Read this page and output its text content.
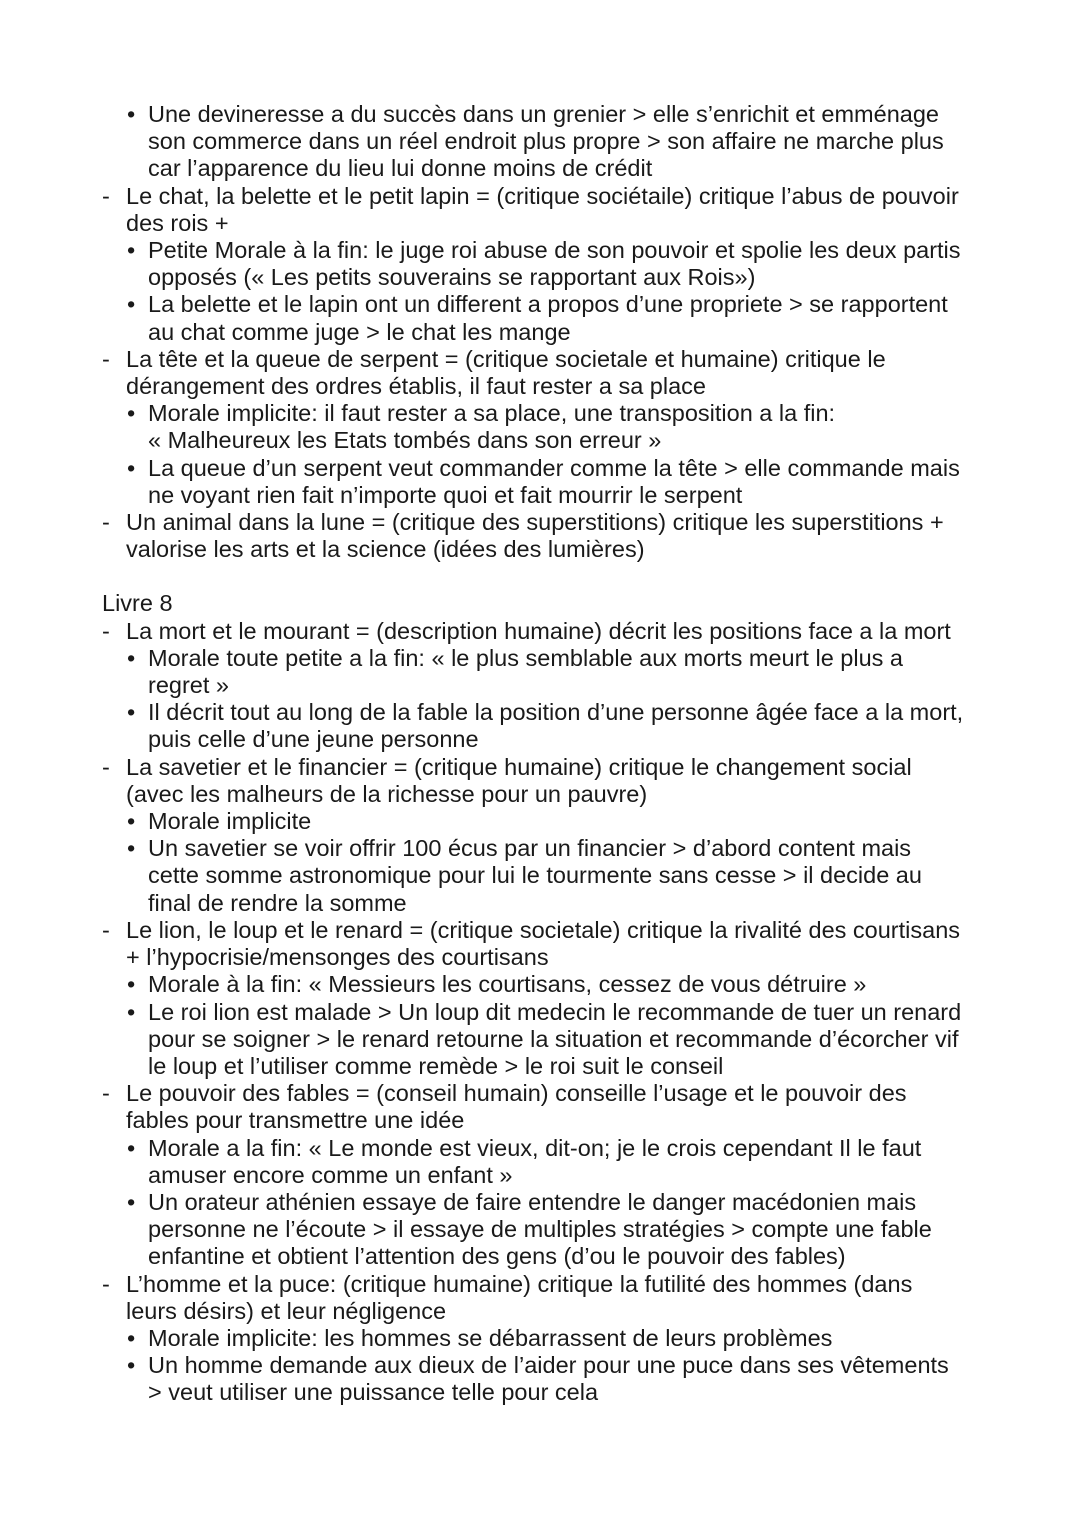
• Une devineresse a du succès dans un grenier > elle s’enrichit et emménage
son commerce dans un réel endroit plus propre > son affaire ne marche plus
car l’apparence du lieu lui donne moins de crédit
- Le chat, la belette et le petit lapin = (critique sociétaile) critique l’abus de pouvoir
des rois +
• Petite Morale à la fin: le juge roi abuse de son pouvoir et spolie les deux partis
opposés (« Les petits souverains se rapportant aux Rois»)
• La belette et le lapin ont un different a propos d’une propriete > se rapportent
au chat comme juge > le chat les mange
- La tête et la queue de serpent = (critique societale et humaine) critique le
dérangement des ordres établis, il faut rester a sa place
• Morale implicite: il faut rester a sa place, une transposition a la fin:
« Malheureux les Etats tombés dans son erreur »
• La queue d’un serpent veut commander comme la tête > elle commande mais
ne voyant rien fait n’importe quoi et fait mourrir le serpent
- Un animal dans la lune = (critique des superstitions) critique les superstitions +
valorise les arts et la science (idées des lumières)
Livre 8
- La mort et le mourant = (description humaine) décrit les positions face a la mort
• Morale toute petite a la fin: « le plus semblable aux morts meurt le plus a
regret »
• Il décrit tout au long de la fable la position d’une personne âgée face a la mort,
puis celle d’une jeune personne
- La savetier et le financier = (critique humaine) critique le changement social
(avec les malheurs de la richesse pour un pauvre)
• Morale implicite
• Un savetier se voir offrir 100 écus par un financier > d’abord content mais
cette somme astronomique pour lui le tourmente sans cesse > il decide au
final de rendre la somme
- Le lion, le loup et le renard = (critique societale) critique la rivalité des courtisans
+ l’hypocrisie/mensonges des courtisans
• Morale à la fin: « Messieurs les courtisans, cessez de vous détruire »
• Le roi lion est malade > Un loup dit medecin le recommande de tuer un renard
pour se soigner > le renard retourne la situation et recommande d’écorcher vif
le loup et l’utiliser comme remède > le roi suit le conseil
- Le pouvoir des fables = (conseil humain) conseille l’usage et le pouvoir des
fables pour transmettre une idée
• Morale a la fin: « Le monde est vieux, dit-on; je le crois cependant Il le faut
amuser encore comme un enfant »
• Un orateur athénien essaye de faire entendre le danger macédonien mais
personne ne l’écoute > il essaye de multiples stratégies > compte une fable
enfantine et obtient l’attention des gens (d’ou le pouvoir des fables)
- L’homme et la puce: (critique humaine) critique la futilité des hommes (dans
leurs désirs) et leur négligence
• Morale implicite: les hommes se débarrassent de leurs problèmes
• Un homme demande aux dieux de l’aider pour une puce dans ses vêtements
> veut utiliser une puissance telle pour cela
